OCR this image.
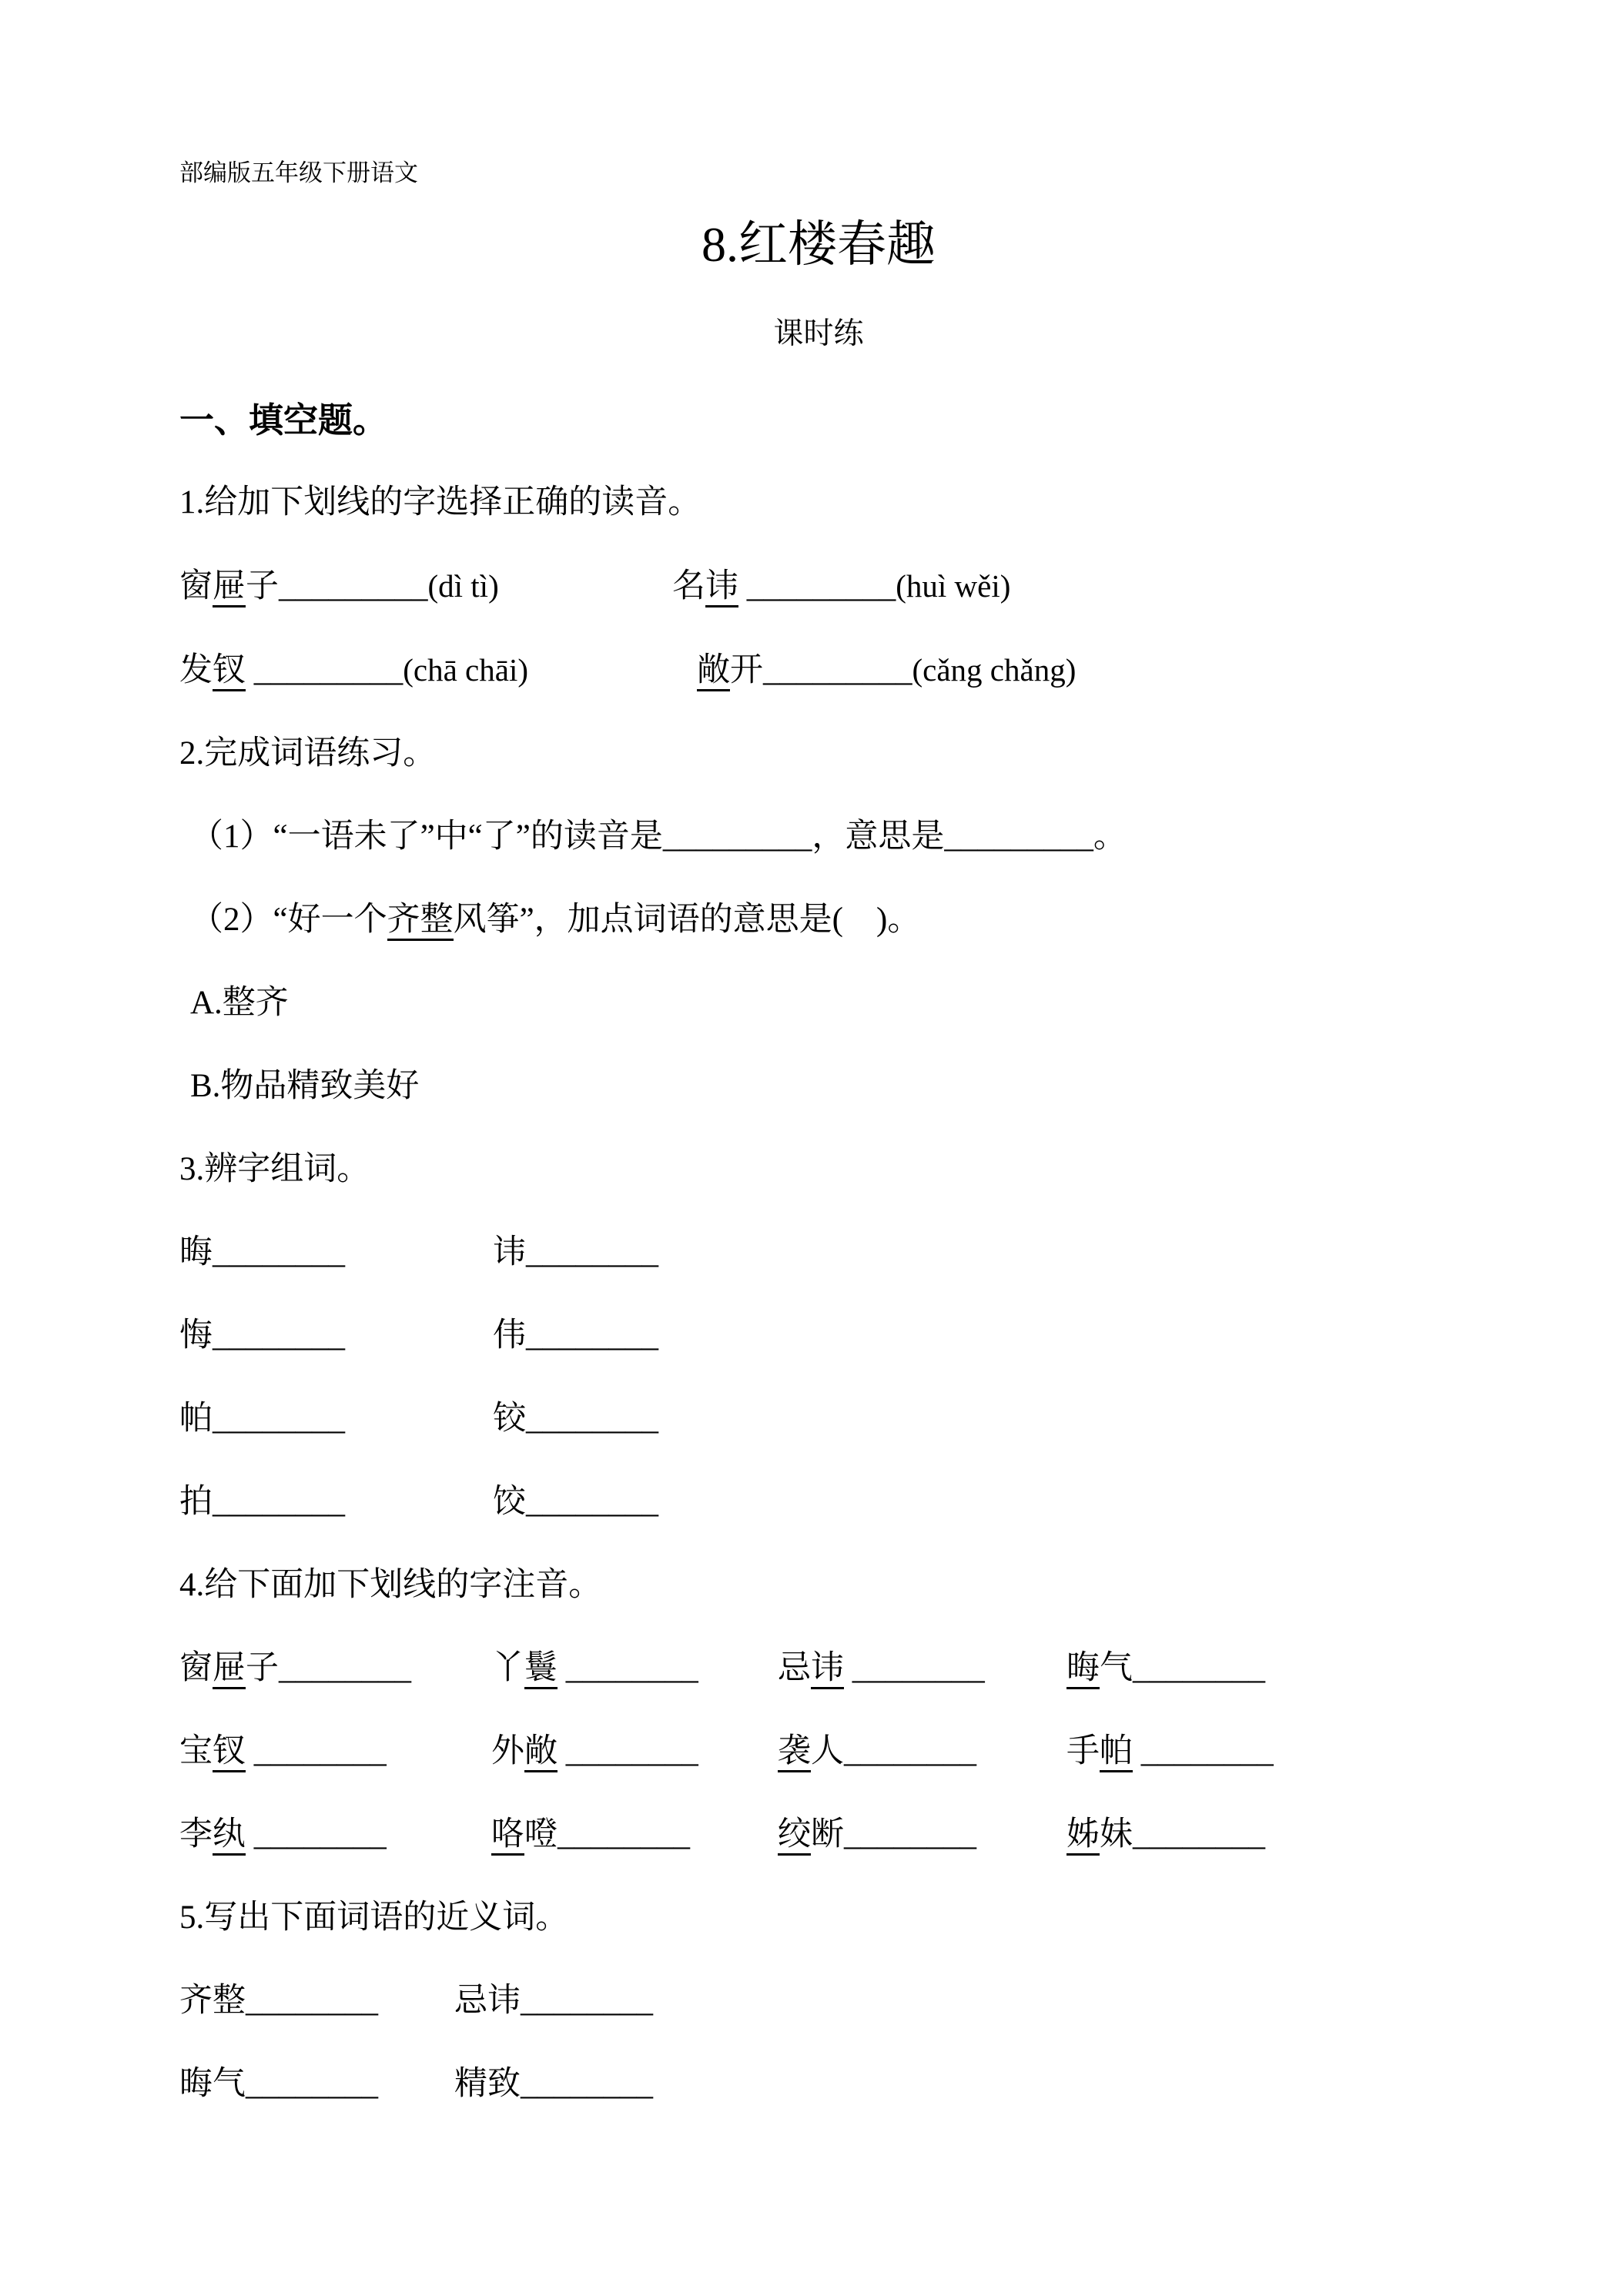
部编版五年级下册语文

8.红楼春趣

课时练

一、填空题。

1.给加下划线的字选择正确的读音。

窗屉子_________(dì tì)	名讳 _________(huì wěi)

发钗 _________(chā chāi)	敞开_________(cǎng chǎng)

2.完成词语练习。

（1）“一语未了”中“了”的读音是_________，意思是_________。

（2）“好一个齐整风筝”，加点词语的意思是(    )。

A.整齐

B.物品精致美好

3.辨字组词。

晦________	讳________

悔________	伟________

帕________	铰________

拍________	饺________

4.给下面加下划线的字注音。

窗屉子________ 丫鬟 ________ 忌讳 ________ 晦气________

宝钗 ________	外敞 ________ 袭人________	手帕 ________

李纨 ________	咯噔________	绞断________	姊妹________

5.写出下面词语的近义词。

齐整________ 忌讳________

晦气________ 精致________
